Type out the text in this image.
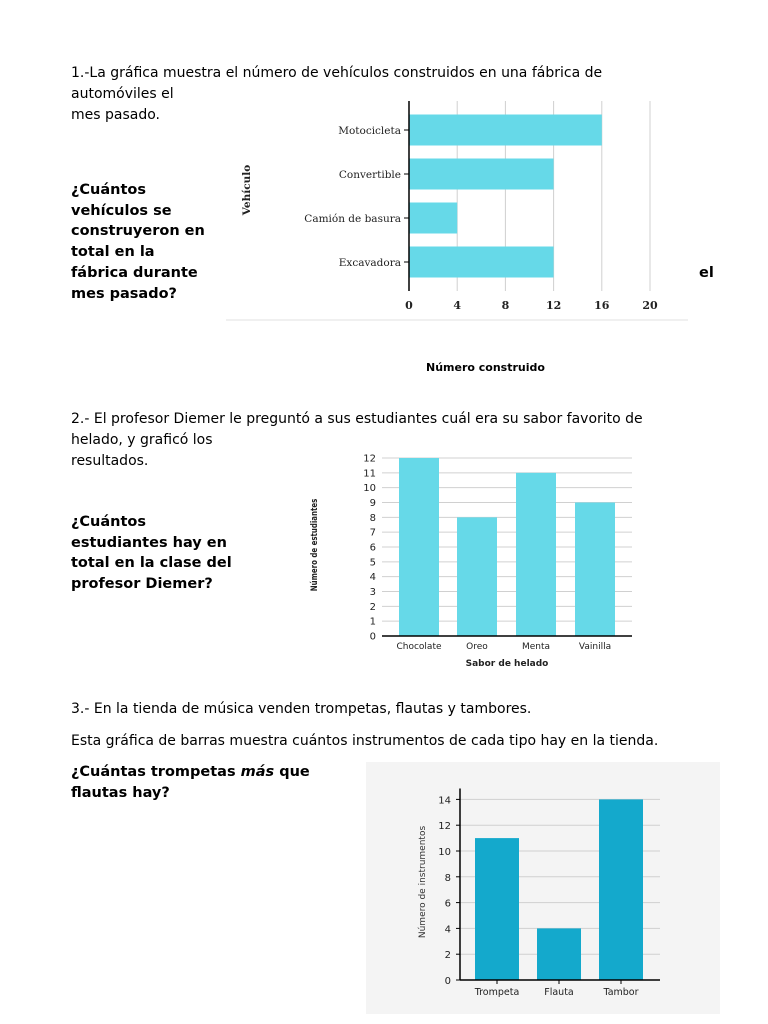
1.-La gráfica muestra el número de vehículos construidos en una fábrica de
automóviles el
mes pasado.
¿Cuántos
vehículos se
construyeron en
total en la
fábrica durante
mes pasado?
el
0	4	8	12	16	20
Motocicleta
Convertible
Camión de basura
Excavadora
Vehículo
Número construido
2.- El profesor Diemer le preguntó a sus estudiantes cuál era su sabor favorito de
helado, y graficó los
resultados.
¿Cuántos
estudiantes hay en
total en la clase del
profesor Diemer?
0
1
2
3
4
5
6
7
8
9
10
11
12
Chocolate	Oreo	Menta	Vainilla
Sabor de helado
Número de estudiantes
3.- En la tienda de música venden trompetas, flautas y tambores.
Esta gráfica de barras muestra cuántos instrumentos de cada tipo hay en la tienda.
¿Cuántas trompetas más que
flautas hay?
0
2
4
6
8
10
12
14
Trompeta	Flauta	Tambor
Número de instrumentos
